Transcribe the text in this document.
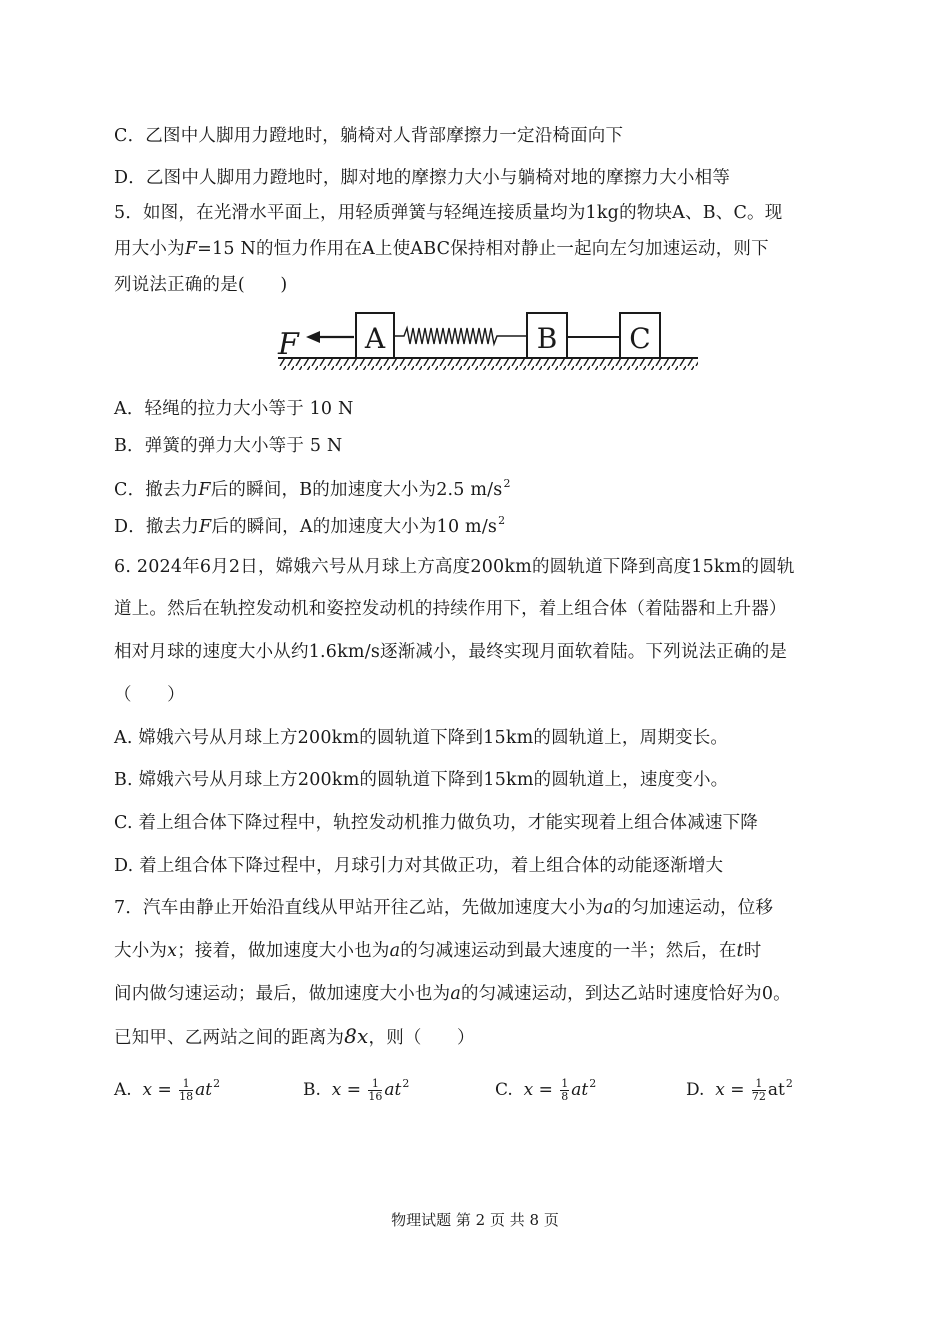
C．乙图中人脚用力蹬地时，躺椅对人背部摩擦力一定沿椅面向下
D．乙图中人脚用力蹬地时，脚对地的摩擦力大小与躺椅对地的摩擦力大小相等
5．如图，在光滑水平面上，用轻质弹簧与轻绳连接质量均为1kg的物块A、B、C。现
用大小为F=15 N的恒力作用在A上使ABC保持相对静止一起向左匀加速运动，则下
列说法正确的是(　　)
F A	B	C
A．轻绳的拉力大小等于 10 N
B．弹簧的弹力大小等于 5 N
C．撤去力F后的瞬间，B的加速度大小为2.5 $m/s^2$
D．撤去力F后的瞬间，A的加速度大小为10 $m/s^2$
6. 2024年6月2日，嫦娥六号从月球上方高度200km的圆轨道下降到高度15km的圆轨
道上。然后在轨控发动机和姿控发动机的持续作用下，着上组合体（着陆器和上升器）
相对月球的速度大小从约1.6km/s逐渐减小，最终实现月面软着陆。下列说法正确的是
（　　）
A. 嫦娥六号从月球上方200km的圆轨道下降到15km的圆轨道上，周期变长。
B. 嫦娥六号从月球上方200km的圆轨道下降到15km的圆轨道上，速度变小。
C. 着上组合体下降过程中，轨控发动机推力做负功，才能实现着上组合体减速下降
D. 着上组合体下降过程中，月球引力对其做正功，着上组合体的动能逐渐增大
7．汽车由静止开始沿直线从甲站开往乙站，先做加速度大小为a的匀加速运动，位移
大小为x；接着，做加速度大小也为a的匀减速运动到最大速度的一半；然后，在t时
间内做匀速运动；最后，做加速度大小也为a的匀减速运动，到达乙站时速度恰好为0。
已知甲、乙两站之间的距离为8x，则（　　）
A. $x = \frac{1}{18} at^2$	B. $x = \frac{1}{16} at^2$	C. $x = \frac{1}{8} at^2$	D. $x = \frac{1}{72} at^2$
物理试题 第 2 页 共 8 页
